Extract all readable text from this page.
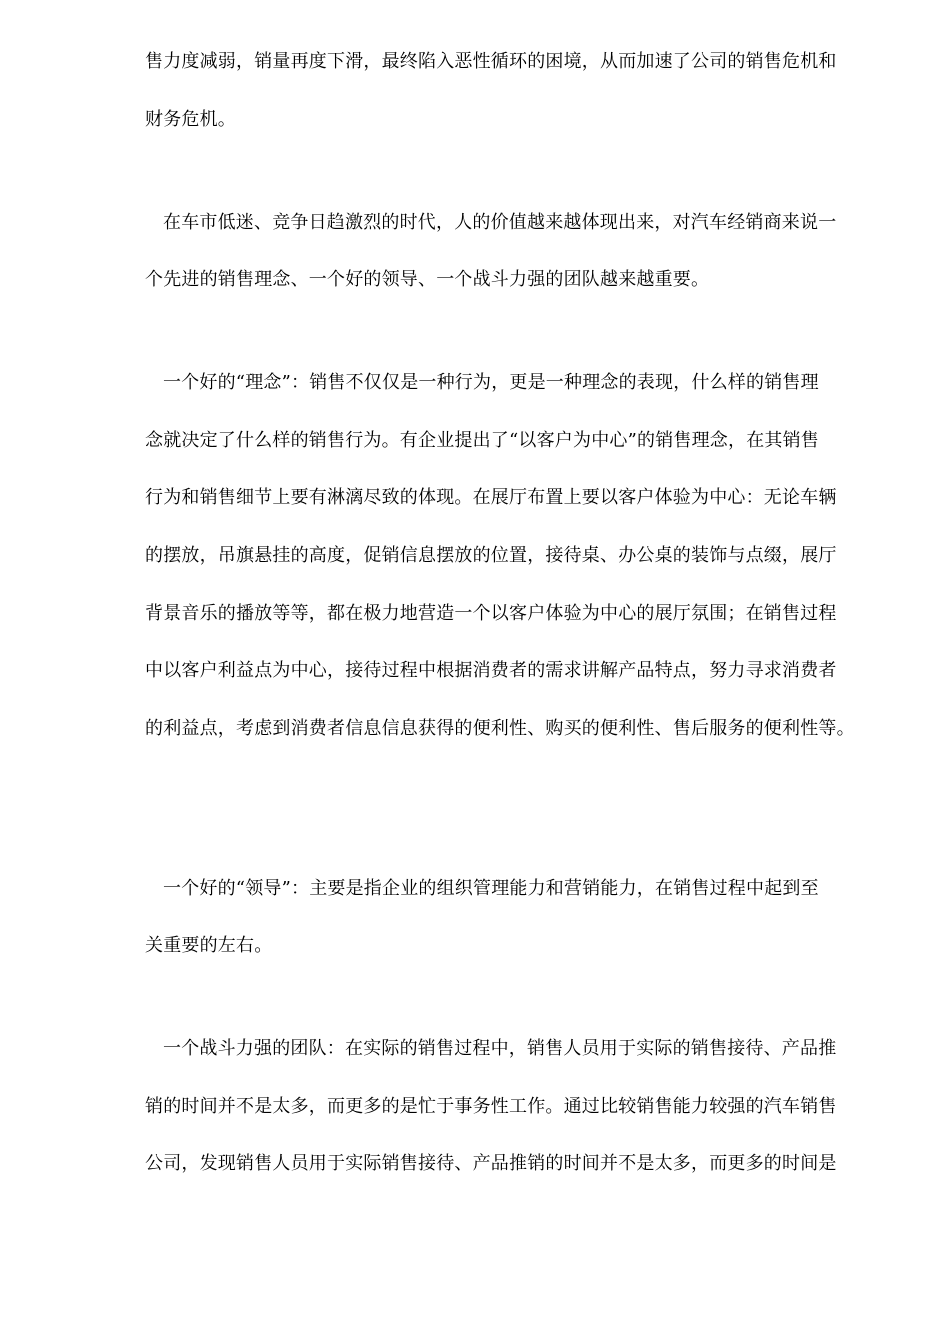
售力度减弱，销量再度下滑，最终陷入恶性循环的困境，从而加速了公司的销售危机和
财务危机。
在车市低迷、竞争日趋激烈的时代，人的价值越来越体现出来，对汽车经销商来说一
个先进的销售理念、一个好的领导、一个战斗力强的团队越来越重要。
一个好的“理念”：销售不仅仅是一种行为，更是一种理念的表现，什么样的销售理
念就决定了什么样的销售行为。有企业提出了“以客户为中心”的销售理念，在其销售
行为和销售细节上要有淋漓尽致的体现。在展厅布置上要以客户体验为中心：无论车辆
的摆放，吊旗悬挂的高度，促销信息摆放的位置，接待桌、办公桌的装饰与点缀，展厅
背景音乐的播放等等，都在极力地营造一个以客户体验为中心的展厅氛围；在销售过程
中以客户利益点为中心，接待过程中根据消费者的需求讲解产品特点，努力寻求消费者
的利益点，考虑到消费者信息信息获得的便利性、购买的便利性、售后服务的便利性等。
一个好的“领导”：主要是指企业的组织管理能力和营销能力，在销售过程中起到至
关重要的左右。
一个战斗力强的团队：在实际的销售过程中，销售人员用于实际的销售接待、产品推
销的时间并不是太多，而更多的是忙于事务性工作。通过比较销售能力较强的汽车销售
公司，发现销售人员用于实际销售接待、产品推销的时间并不是太多，而更多的时间是
